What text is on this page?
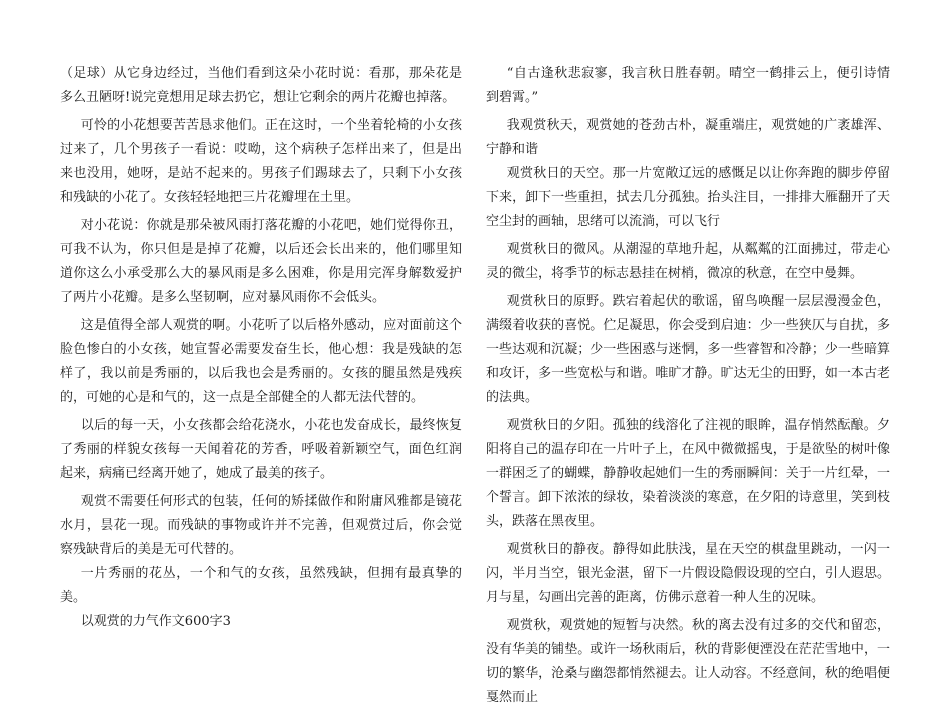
（足球）从它身边经过，当他们看到这朵小花时说：看那，那朵花是多么丑陋呀!说完竟想用足球去扔它，想让它剩余的两片花瓣也掉落。

可怜的小花想要苦苦恳求他们。正在这时，一个坐着轮椅的小女孩过来了，几个男孩子一看说：哎呦，这个病秧子怎样出来了，但是出来也没用，她呀，是站不起来的。男孩子们踢球去了，只剩下小女孩和残缺的小花了。女孩轻轻地把三片花瓣埋在土里。

对小花说：你就是那朵被风雨打落花瓣的小花吧，她们觉得你丑，可我不认为，你只但是是掉了花瓣，以后还会长出来的，他们哪里知道你这么小承受那么大的暴风雨是多么困难，你是用完浑身解数爱护了两片小花瓣。是多么坚韧啊，应对暴风雨你不会低头。

这是值得全部人观赏的啊。小花听了以后格外感动，应对面前这个脸色惨白的小女孩，她宣誓必需要发奋生长，他心想：我是残缺的怎样了，我以前是秀丽的，以后我也会是秀丽的。女孩的腿虽然是残疾的，可她的心是和气的，这一点是全部健全的人都无法代替的。

以后的每一天，小女孩都会给花浇水，小花也发奋成长，最终恢复了秀丽的样貌女孩每一天闻着花的芳香，呼吸着新颖空气，面色红润起来，病痛已经离开她了，她成了最美的孩子。

观赏不需要任何形式的包装，任何的矫揉做作和附庸风雅都是镜花水月，昙花一现。而残缺的事物或许并不完善，但观赏过后，你会觉察残缺背后的美是无可代替的。

一片秀丽的花丛，一个和气的女孩，虽然残缺，但拥有最真挚的美。

以观赏的力气作文600字3

“自古逢秋悲寂寥，我言秋日胜春朝。晴空一鹤排云上，便引诗情到碧霄。”

我观赏秋天，观赏她的苍劲古朴，凝重端庄，观赏她的广袤雄浑、宁静和谐

观赏秋日的天空。那一片宽敞辽远的感慨足以让你奔跑的脚步停留下来，卸下一些重担，拭去几分孤独。抬头注目，一排排大雁翻开了天空尘封的画轴，思绪可以流淌，可以飞行

观赏秋日的微风。从潮湿的草地升起，从粼粼的江面拂过，带走心灵的微尘，将季节的标志悬挂在树梢，微凉的秋意，在空中曼舞。

观赏秋日的原野。跌宕着起伏的歌谣，留鸟唤醒一层层漫漫金色，满缀着收获的喜悦。伫足凝思，你会受到启迪：少一些狭仄与自扰，多一些达观和沉凝；少一些困惑与迷惘，多一些睿智和冷静；少一些暗算和攻讦，多一些宽松与和谐。唯旷才静。旷达无尘的田野，如一本古老的法典。

观赏秋日的夕阳。孤独的线溶化了注视的眼眸，温存悄然酝酿。夕阳将自己的温存印在一片叶子上，在风中微微摇曳，于是欲坠的树叶像一群困乏了的蝴蝶，静静收起她们一生的秀丽瞬间：关于一片红晕，一个誓言。卸下浓浓的绿妆，染着淡淡的寒意，在夕阳的诗意里，笑到枝头，跌落在黑夜里。

观赏秋日的静夜。静得如此肤浅，星在天空的棋盘里跳动，一闪一闪，半月当空，银光金湛，留下一片假设隐假设现的空白，引人遐思。月与星，勾画出完善的距离，仿佛示意着一种人生的况味。

观赏秋，观赏她的短暂与决然。秋的离去没有过多的交代和留恋，没有华美的铺垫。或许一场秋雨后，秋的背影便湮没在茫茫雪地中，一切的繁华，沧桑与幽怨都悄然褪去。让人动容。不经意间，秋的绝唱便戛然而止
